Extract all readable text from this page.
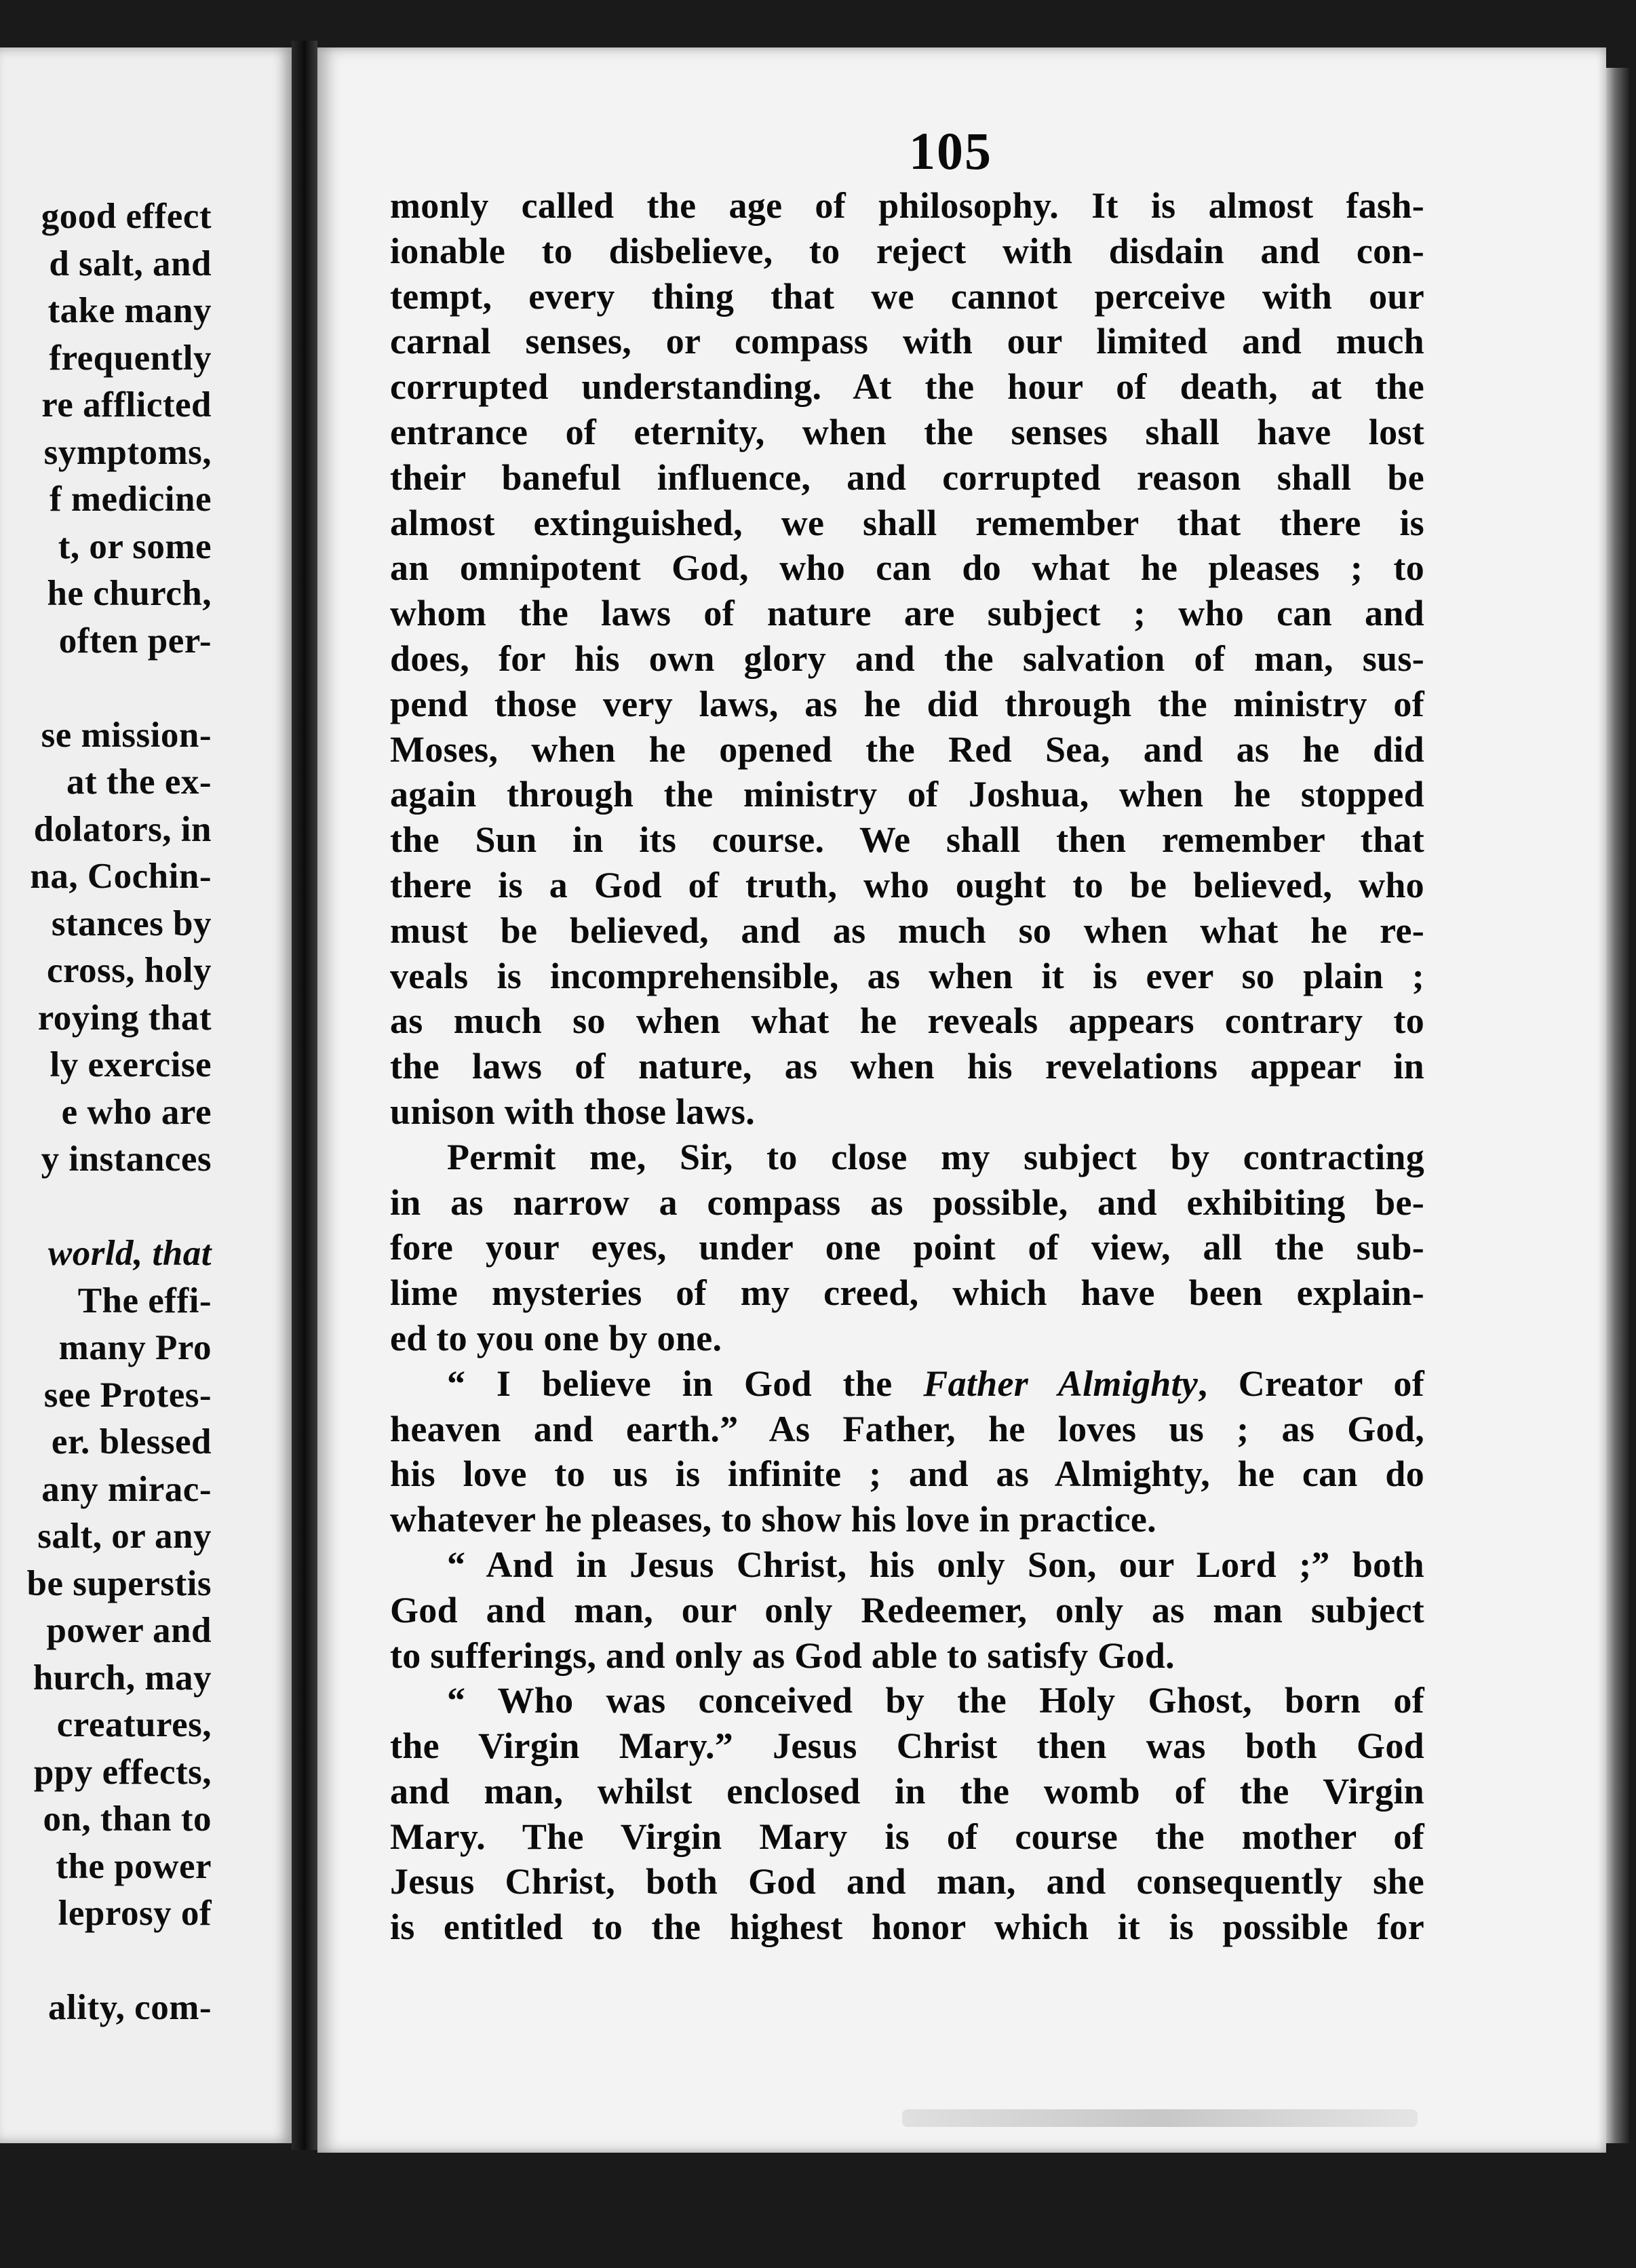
good effect
d salt, and
take many
frequently
re afflicted
symptoms,
f medicine
t, or some
he church,
often per-
se mission-
at the ex-
dolators, in
na, Cochin-
stances by
cross, holy
roying that
ly exercise
e who are
y instances
world, that
The effi-
many Pro
see Protes-
er. blessed
any mirac-
salt, or any
be superstis
power and
hurch, may
creatures,
ppy effects,
on, than to
the power
leprosy of
ality, com-
105
monly called the age of philosophy. It is almost fash-
ionable to disbelieve, to reject with disdain and con-
tempt, every thing that we cannot perceive with our
carnal senses, or compass with our limited and much
corrupted understanding. At the hour of death, at the
entrance of eternity, when the senses shall have lost
their baneful influence, and corrupted reason shall be
almost extinguished, we shall remember that there is
an omnipotent God, who can do what he pleases ; to
whom the laws of nature are subject ; who can and
does, for his own glory and the salvation of man, sus-
pend those very laws, as he did through the ministry of
Moses, when he opened the Red Sea, and as he did
again through the ministry of Joshua, when he stopped
the Sun in its course. We shall then remember that
there is a God of truth, who ought to be believed, who
must be believed, and as much so when what he re-
veals is incomprehensible, as when it is ever so plain ;
as much so when what he reveals appears contrary to
the laws of nature, as when his revelations appear in
unison with those laws.
Permit me, Sir, to close my subject by contracting
in as narrow a compass as possible, and exhibiting be-
fore your eyes, under one point of view, all the sub-
lime mysteries of my creed, which have been explain-
ed to you one by one.
“ I believe in God the Father Almighty, Creator of
heaven and earth.” As Father, he loves us ; as God,
his love to us is infinite ; and as Almighty, he can do
whatever he pleases, to show his love in practice.
“ And in Jesus Christ, his only Son, our Lord ;” both
God and man, our only Redeemer, only as man subject
to sufferings, and only as God able to satisfy God.
“ Who was conceived by the Holy Ghost, born of
the Virgin Mary.” Jesus Christ then was both God
and man, whilst enclosed in the womb of the Virgin
Mary. The Virgin Mary is of course the mother of
Jesus Christ, both God and man, and consequently she
is entitled to the highest honor which it is possible for
